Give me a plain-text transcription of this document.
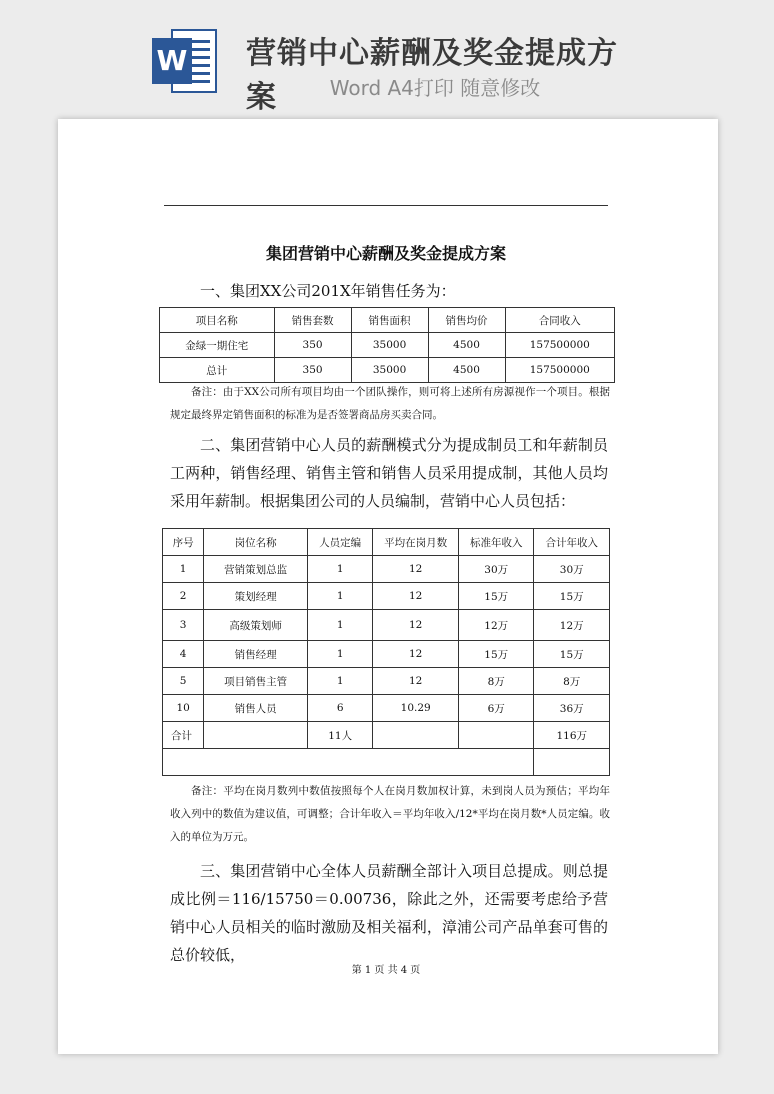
W 营销中心薪酬及奖金提成方案	Word A4打印 随意修改
集团营销中心薪酬及奖金提成方案
一、集团XX公司201X年销售任务为：
项目名称	销售套数	销售面积	销售均价	合同收入
金绿一期住宅	350	35000	4500	157500000
总计	350	35000	4500	157500000
备注：由于XX公司所有项目均由一个团队操作，则可将上述所有房源视作一个项目。根据规定最终界定销售面积的标准为是否签署商品房买卖合同。
二、集团营销中心人员的薪酬模式分为提成制员工和年薪制员工两种，销售经理、销售主管和销售人员采用提成制，其他人员均采用年薪制。根据集团公司的人员编制，营销中心人员包括：
序号	岗位名称	人员定编	平均在岗月数	标准年收入	合计年收入
1	营销策划总监	1	12	30万	30万
2	策划经理	1	12	15万	15万
3	高级策划师	1	12	12万	12万
4	销售经理	1	12	15万	15万
5	项目销售主管	1	12	8万	8万
10	销售人员	6	10.29	6万	36万
合计		11人			116万

备注：平均在岗月数列中数值按照每个人在岗月数加权计算，未到岗人员为预估；平均年收入列中的数值为建议值，可调整；合计年收入＝平均年收入/12*平均在岗月数*人员定编。收入的单位为万元。
三、集团营销中心全体人员薪酬全部计入项目总提成。则总提成比例＝116/15750＝0.00736，除此之外，还需要考虑给予营销中心人员相关的临时激励及相关福利，漳浦公司产品单套可售的总价较低，
第 1 页 共 4 页
